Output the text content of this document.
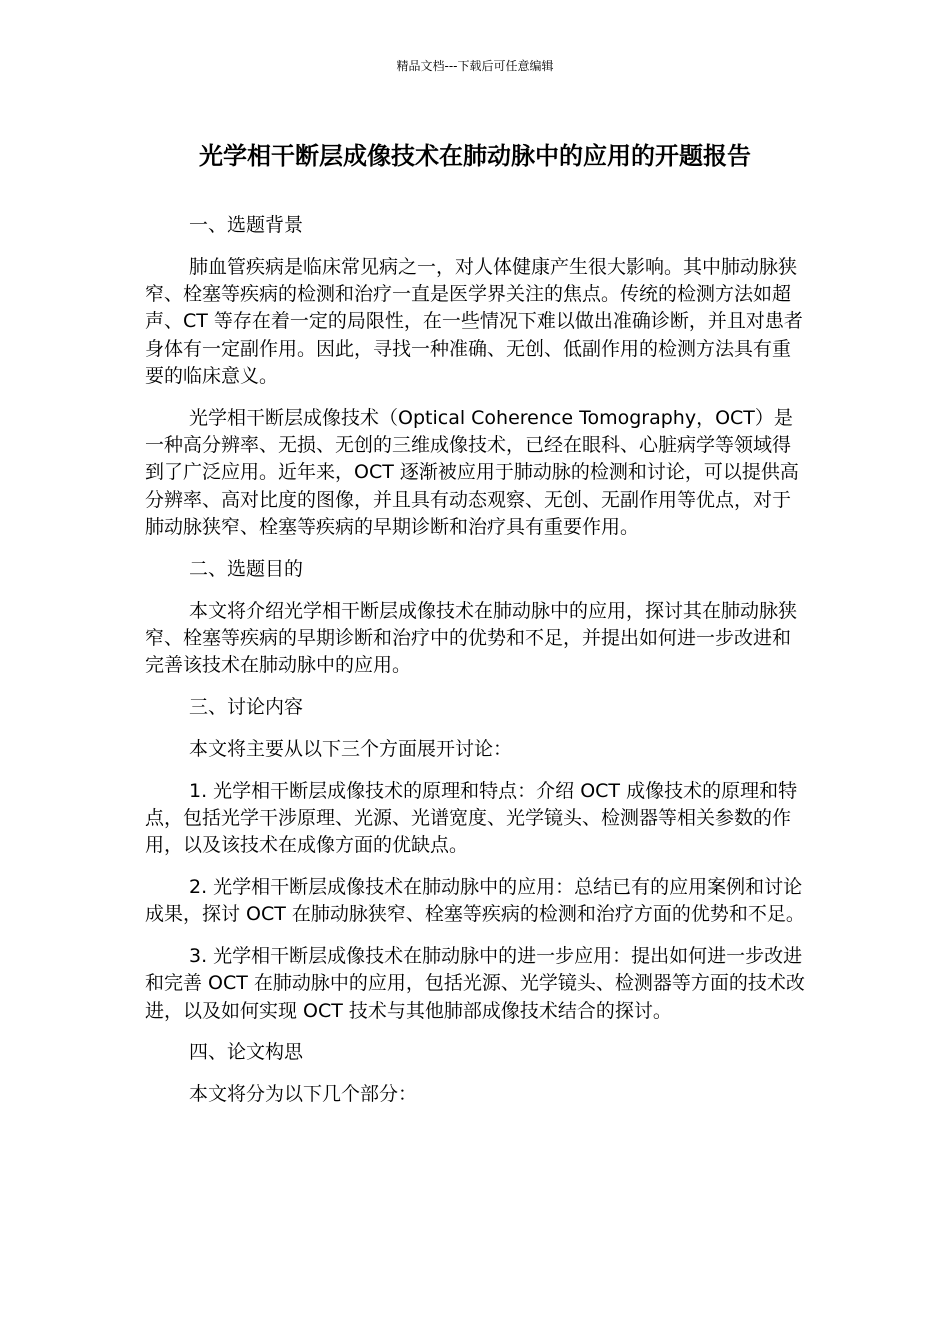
精品文档---下载后可任意编辑
光学相干断层成像技术在肺动脉中的应用的开题报告

一、选题背景

肺血管疾病是临床常见病之一，对人体健康产生很大影响。其中肺动脉狭窄、栓塞等疾病的检测和治疗一直是医学界关注的焦点。传统的检测方法如超声、CT 等存在着一定的局限性，在一些情况下难以做出准确诊断，并且对患者身体有一定副作用。因此，寻找一种准确、无创、低副作用的检测方法具有重要的临床意义。

光学相干断层成像技术（Optical Coherence Tomography，OCT）是一种高分辨率、无损、无创的三维成像技术，已经在眼科、心脏病学等领域得到了广泛应用。近年来，OCT 逐渐被应用于肺动脉的检测和讨论，可以提供高分辨率、高对比度的图像，并且具有动态观察、无创、无副作用等优点，对于肺动脉狭窄、栓塞等疾病的早期诊断和治疗具有重要作用。

二、选题目的

本文将介绍光学相干断层成像技术在肺动脉中的应用，探讨其在肺动脉狭窄、栓塞等疾病的早期诊断和治疗中的优势和不足，并提出如何进一步改进和完善该技术在肺动脉中的应用。

三、讨论内容

本文将主要从以下三个方面展开讨论：

1. 光学相干断层成像技术的原理和特点：介绍 OCT 成像技术的原理和特点，包括光学干涉原理、光源、光谱宽度、光学镜头、检测器等相关参数的作用，以及该技术在成像方面的优缺点。

2. 光学相干断层成像技术在肺动脉中的应用：总结已有的应用案例和讨论成果，探讨 OCT 在肺动脉狭窄、栓塞等疾病的检测和治疗方面的优势和不足。

3. 光学相干断层成像技术在肺动脉中的进一步应用：提出如何进一步改进和完善 OCT 在肺动脉中的应用，包括光源、光学镜头、检测器等方面的技术改进，以及如何实现 OCT 技术与其他肺部成像技术结合的探讨。

四、论文构思

本文将分为以下几个部分：
